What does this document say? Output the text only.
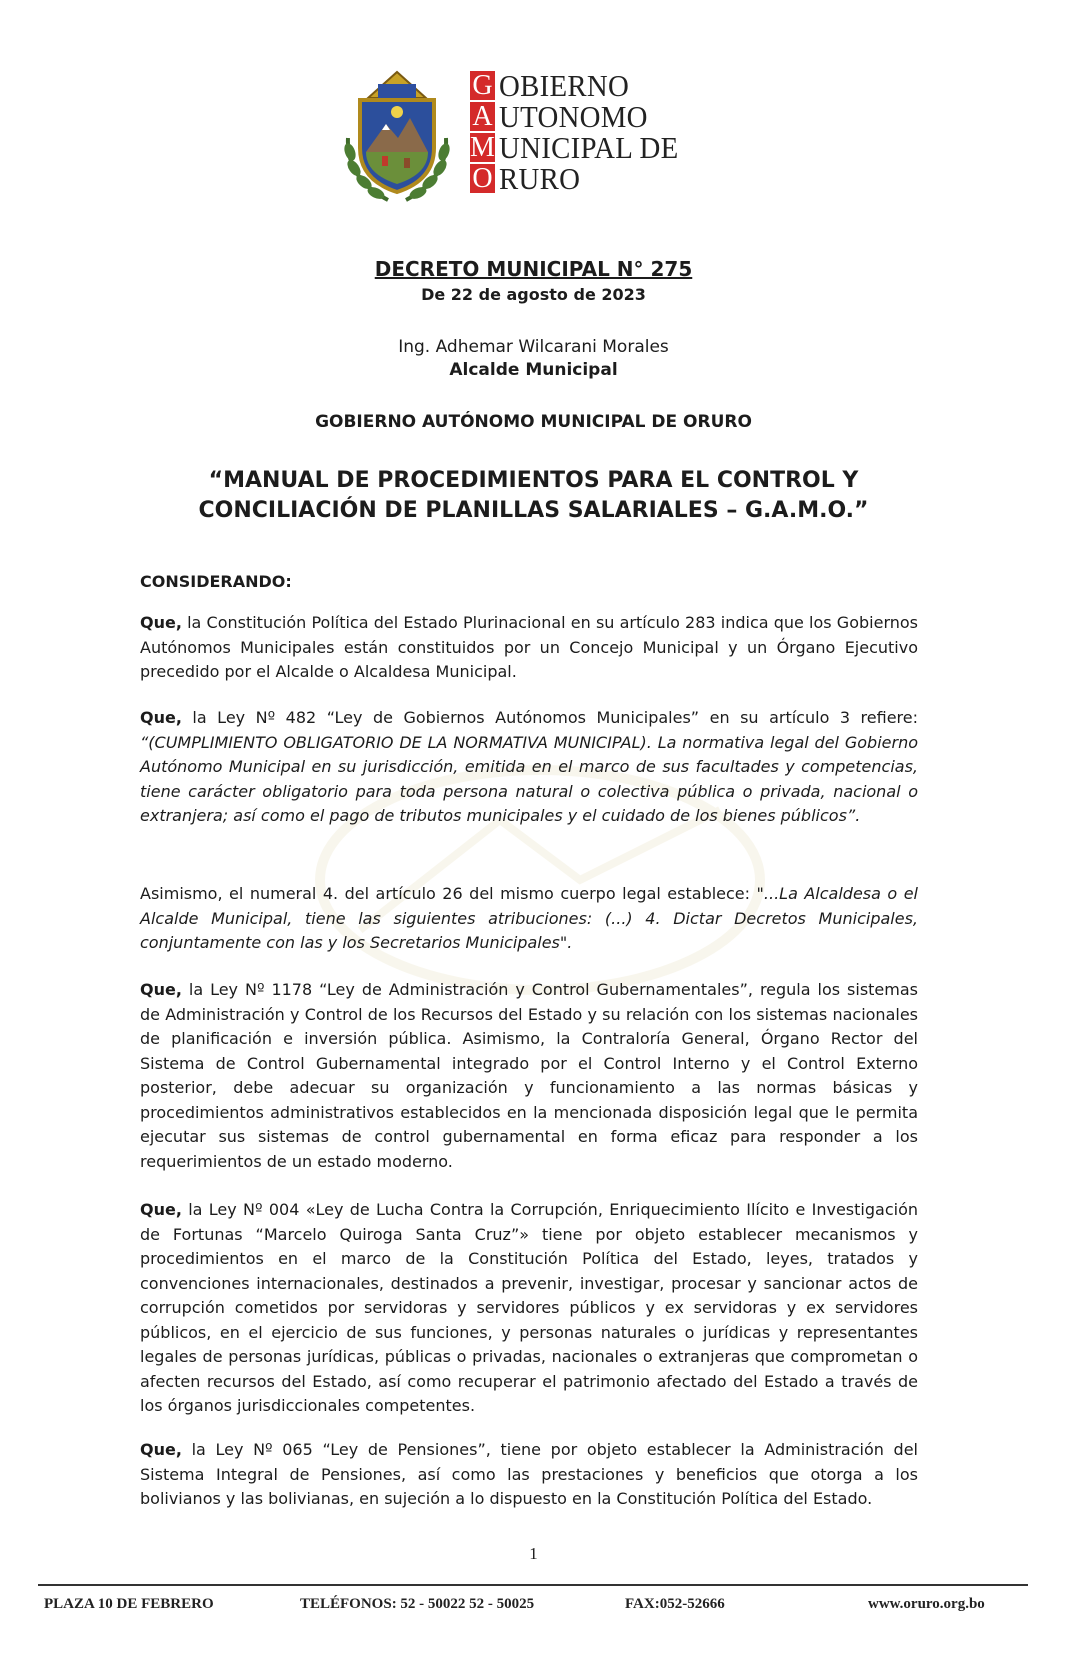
G OBIERNO
A UTONOMO
M UNICIPAL DE
O RURO
DECRETO MUNICIPAL N° 275
De 22 de agosto de 2023
Ing. Adhemar Wilcarani Morales
Alcalde Municipal
GOBIERNO AUTÓNOMO MUNICIPAL DE ORURO
“MANUAL DE PROCEDIMIENTOS PARA EL CONTROL Y
CONCILIACIÓN DE PLANILLAS SALARIALES – G.A.M.O.”
CONSIDERANDO:

Que, la Constitución Política del Estado Plurinacional en su artículo 283 indica que los Gobiernos Autónomos Municipales están constituidos por un Concejo Municipal y un Órgano Ejecutivo precedido por el Alcalde o Alcaldesa Municipal.

Que, la Ley Nº 482 “Ley de Gobiernos Autónomos Municipales” en su artículo 3 refiere: “(CUMPLIMIENTO OBLIGATORIO DE LA NORMATIVA MUNICIPAL). La normativa legal del Gobierno Autónomo Municipal en su jurisdicción, emitida en el marco de sus facultades y competencias, tiene carácter obligatorio para toda persona natural o colectiva pública o privada, nacional o extranjera; así como el pago de tributos municipales y el cuidado de los bienes públicos”.

Asimismo, el numeral 4. del artículo 26 del mismo cuerpo legal establece: "...La Alcaldesa o el Alcalde Municipal, tiene las siguientes atribuciones: (...) 4. Dictar Decretos Municipales, conjuntamente con las y los Secretarios Municipales".

Que, la Ley Nº 1178 “Ley de Administración y Control Gubernamentales”, regula los sistemas de Administración y Control de los Recursos del Estado y su relación con los sistemas nacionales de planificación e inversión pública. Asimismo, la Contraloría General, Órgano Rector del Sistema de Control Gubernamental integrado por el Control Interno y el Control Externo posterior, debe adecuar su organización y funcionamiento a las normas básicas y procedimientos administrativos establecidos en la mencionada disposición legal que le permita ejecutar sus sistemas de control gubernamental en forma eficaz para responder a los requerimientos de un estado moderno.

Que, la Ley Nº 004 «Ley de Lucha Contra la Corrupción, Enriquecimiento Ilícito e Investigación de Fortunas “Marcelo Quiroga Santa Cruz”» tiene por objeto establecer mecanismos y procedimientos en el marco de la Constitución Política del Estado, leyes, tratados y convenciones internacionales, destinados a prevenir, investigar, procesar y sancionar actos de corrupción cometidos por servidoras y servidores públicos y ex servidoras y ex servidores públicos, en el ejercicio de sus funciones, y personas naturales o jurídicas y representantes legales de personas jurídicas, públicas o privadas, nacionales o extranjeras que comprometan o afecten recursos del Estado, así como recuperar el patrimonio afectado del Estado a través de los órganos jurisdiccionales competentes.

Que, la Ley Nº 065 “Ley de Pensiones”, tiene por objeto establecer la Administración del Sistema Integral de Pensiones, así como las prestaciones y beneficios que otorga a los bolivianos y las bolivianas, en sujeción a lo dispuesto en la Constitución Política del Estado.

1
PLAZA 10 DE FEBRERO	TELÉFONOS: 52 - 50022 52 - 50025	FAX:052-52666	www.oruro.org.bo
